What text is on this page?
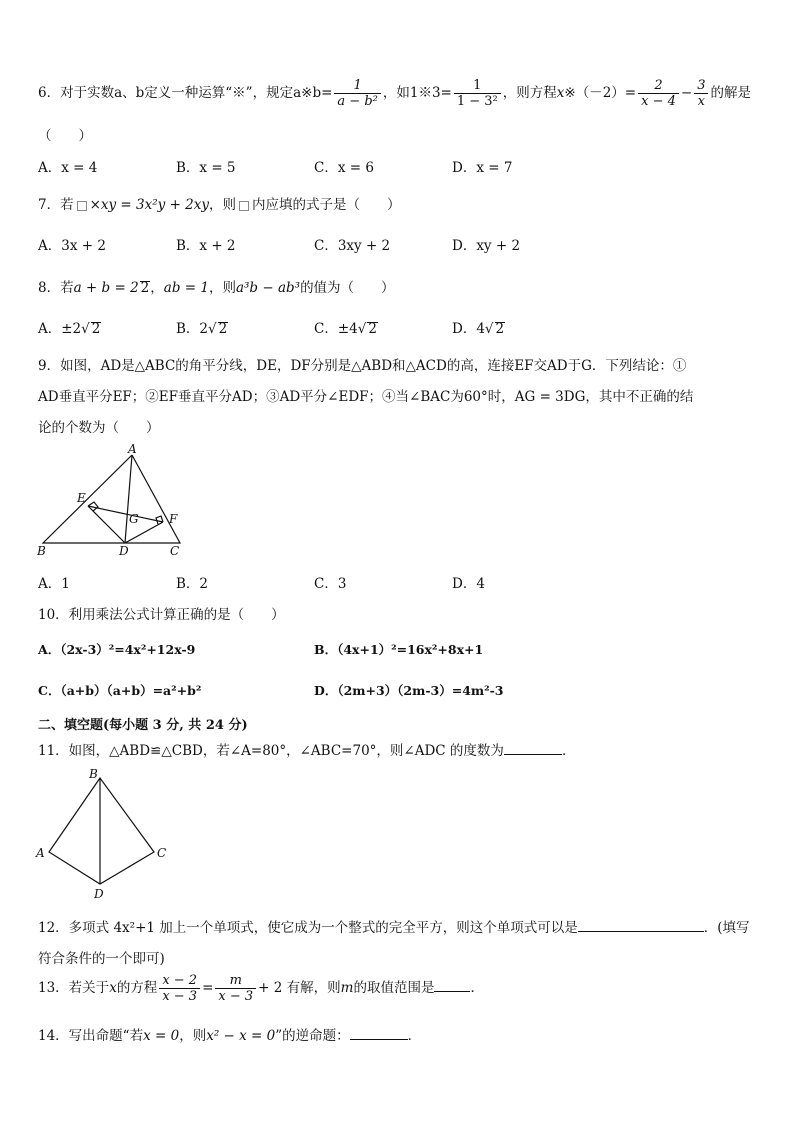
6．对于实数a、b定义一种运算“※”，规定a※b= $\frac{1}{\text{a − b²}}$ ，如1※3= $\frac{1}{\text{1 − 3²}}$ ，则方程x※（－2）= $\frac{2}{x - 4} - \frac{3}{x}$ 的解是
（　　）
A．x = 4	B．x = 5	C．x = 6	D．x = 7
7．若 ×xy = 3x²y + 2xy，则 内应填的式子是（　　）
A．3x + 2	B．x + 2	C．3xy + 2	D．xy + 2
8．若a + b = 2 2，ab = 1，则a³b − ab³的值为（　　）
A．±2√ 2	B．2√ 2	C．±4√ 2	D．4√ 2
9．如图，AD是△ABC的角平分线，DE，DF分别是△ABD和△ACD的高，连接EF交AD于G．下列结论：①
AD垂直平分EF；②EF垂直平分AD；③AD平分∠EDF；④当∠BAC为60°时，AG = 3DG，其中不正确的结
论的个数为（　　）
A
E
G	F
B	D	C
A．1	B．2	C．3	D．4
10．利用乘法公式计算正确的是（　　）
A．（2x-3）²=4x²+12x-9	B．（4x+1）²=16x²+8x+1
C．（a+b）（a+b）=a²+b²	D．（2m+3）（2m-3）=4m²-3
二、填空题(每小题 3 分, 共 24 分)
11．如图，△ABD≌△CBD，若∠A=80°，∠ABC=70°，则∠ADC 的度数为	．
B
A	C
D
12．多项式 4x²+1 加上一个单项式，使它成为一个整式的完全平方，则这个单项式可以是	．(填写
符合条件的一个即可)
13．若关于x的方程 $\frac{x - 2}{x - 3} = \frac{m}{x - 3} + 2$ 有解，则m的取值范围是	．
14．写出命题“若x = 0，则x² − x = 0”的逆命题：	．
